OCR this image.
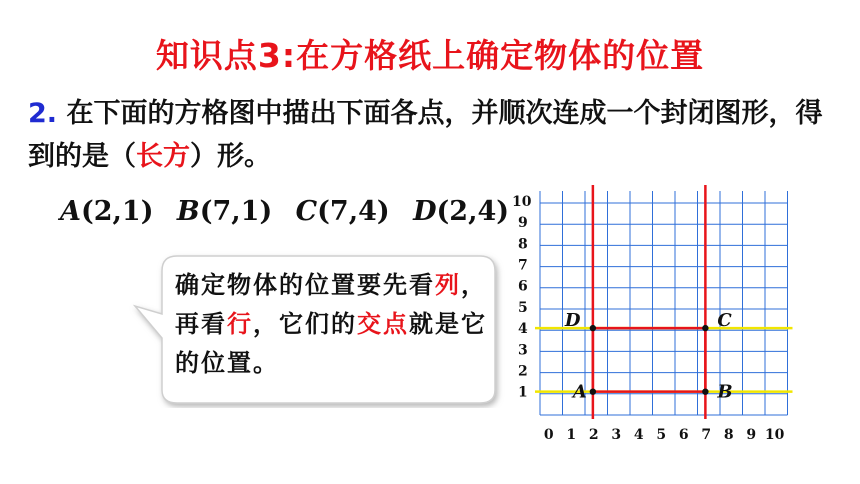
知识点3:在方格纸上确定物体的位置
2. 在下面的方格图中描出下面各点，并顺次连成一个封闭图形，得到的是（长方）形。
A(2,1) B(7,1) C(7,4) D(2,4)
确定物体的位置要先看列，再看行，它们的交点就是它的位置。
A	B
C
D
0 1 2 3 4 5 6 7 8 9 10
1
2
3
4
5
6
7
8
9
10
